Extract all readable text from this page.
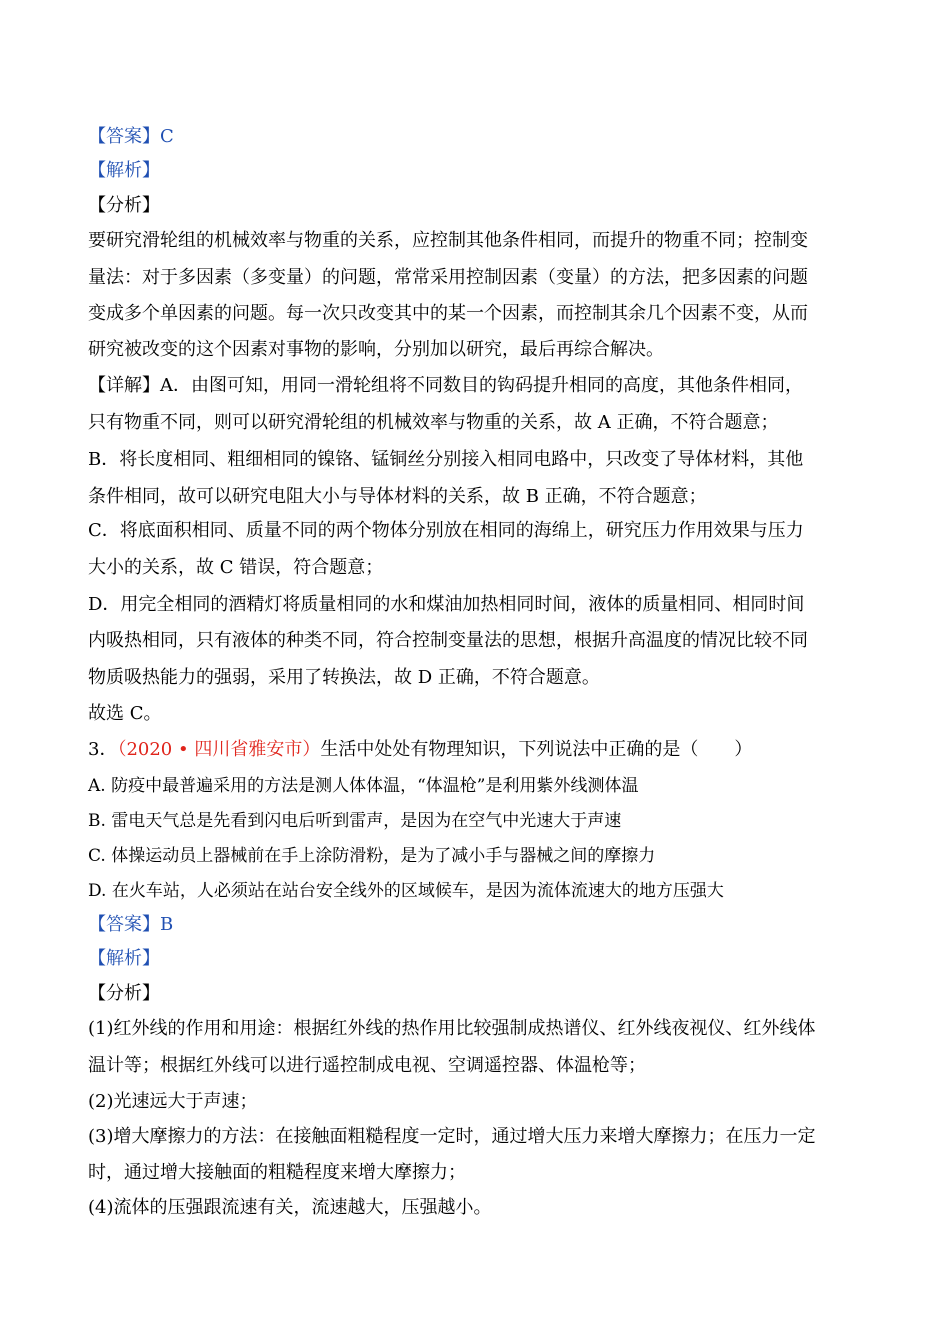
【答案】C
【解析】
【分析】
要研究滑轮组的机械效率与物重的关系，应控制其他条件相同，而提升的物重不同；控制变
量法：对于多因素（多变量）的问题，常常采用控制因素（变量）的方法，把多因素的问题
变成多个单因素的问题。每一次只改变其中的某一个因素，而控制其余几个因素不变，从而
研究被改变的这个因素对事物的影响，分别加以研究，最后再综合解决。
【详解】A．由图可知，用同一滑轮组将不同数目的钩码提升相同的高度，其他条件相同，
只有物重不同，则可以研究滑轮组的机械效率与物重的关系，故 A 正确，不符合题意；
B．将长度相同、粗细相同的镍铬、锰铜丝分别接入相同电路中，只改变了导体材料，其他
条件相同，故可以研究电阻大小与导体材料的关系，故 B 正确，不符合题意；
C．将底面积相同、质量不同的两个物体分别放在相同的海绵上，研究压力作用效果与压力
大小的关系，故 C 错误，符合题意；
D．用完全相同的酒精灯将质量相同的水和煤油加热相同时间，液体的质量相同、相同时间
内吸热相同，只有液体的种类不同，符合控制变量法的思想，根据升高温度的情况比较不同
物质吸热能力的强弱，采用了转换法，故 D 正确，不符合题意。
故选 C。
3．（2020 • 四川省雅安市）生活中处处有物理知识，下列说法中正确的是（　　）
A. 防疫中最普遍采用的方法是测人体体温，“体温枪”是利用紫外线测体温
B. 雷电天气总是先看到闪电后听到雷声，是因为在空气中光速大于声速
C. 体操运动员上器械前在手上涂防滑粉，是为了减小手与器械之间的摩擦力
D. 在火车站，人必须站在站台安全线外的区域候车，是因为流体流速大的地方压强大
【答案】B
【解析】
【分析】
(1)红外线的作用和用途：根据红外线的热作用比较强制成热谱仪、红外线夜视仪、红外线体
温计等；根据红外线可以进行遥控制成电视、空调遥控器、体温枪等；
(2)光速远大于声速；
(3)增大摩擦力的方法：在接触面粗糙程度一定时，通过增大压力来增大摩擦力；在压力一定
时，通过增大接触面的粗糙程度来增大摩擦力；
(4)流体的压强跟流速有关，流速越大，压强越小。
